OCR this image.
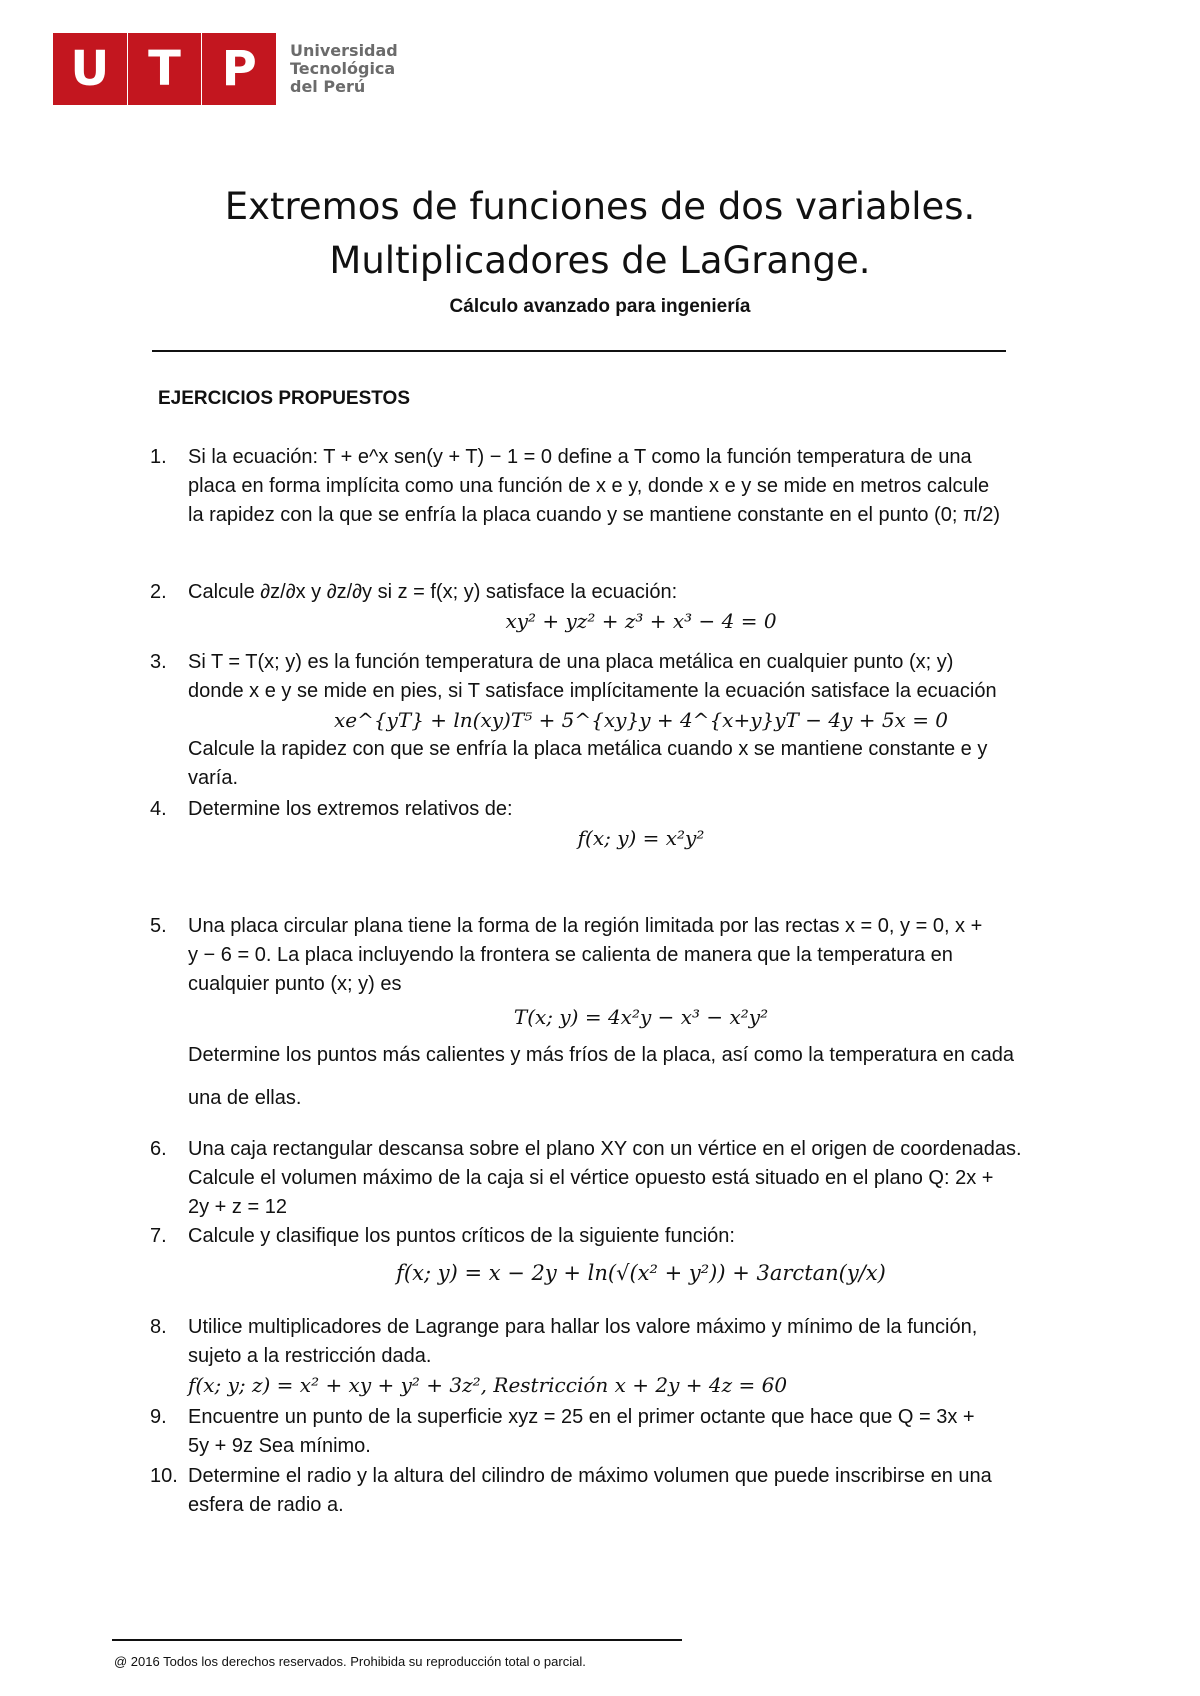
U T P	Universidad
Tecnológica
del Perú
Extremos de funciones de dos variables.
Multiplicadores de LaGrange.
Cálculo avanzado para ingeniería
EJERCICIOS PROPUESTOS
1. Si la ecuación: T + e^x sen(y + T) − 1 = 0 define a T como la función temperatura de una
placa en forma implícita como una función de x e y, donde x e y se mide en metros calcule
la rapidez con la que se enfría la placa cuando y se mantiene constante en el punto (0; π/2)
2. Calcule ∂z/∂x y ∂z/∂y si z = f(x; y) satisface la ecuación:
xy² + yz² + z³ + x³ − 4 = 0
3. Si T = T(x; y) es la función temperatura de una placa metálica en cualquier punto (x; y)
donde x e y se mide en pies, si T satisface implícitamente la ecuación satisface la ecuación
xe^{yT} + ln(xy)T⁵ + 5^{xy}y + 4^{x+y}yT − 4y + 5x = 0
Calcule la rapidez con que se enfría la placa metálica cuando x se mantiene constante e y
varía.
4. Determine los extremos relativos de:
f(x; y) = x²y²
5. Una placa circular plana tiene la forma de la región limitada por las rectas x = 0, y = 0, x +
y − 6 = 0. La placa incluyendo la frontera se calienta de manera que la temperatura en
cualquier punto (x; y) es
T(x; y) = 4x²y − x³ − x²y²
Determine los puntos más calientes y más fríos de la placa, así como la temperatura en cada
una de ellas.
6. Una caja rectangular descansa sobre el plano XY con un vértice en el origen de coordenadas.
Calcule el volumen máximo de la caja si el vértice opuesto está situado en el plano Q: 2x +
2y + z = 12
7. Calcule y clasifique los puntos críticos de la siguiente función:
f(x; y) = x − 2y + ln(√(x² + y²)) + 3arctan(y/x)
8. Utilice multiplicadores de Lagrange para hallar los valore máximo y mínimo de la función,
sujeto a la restricción dada.
f(x; y; z) = x² + xy + y² + 3z², Restricción x + 2y + 4z = 60
9. Encuentre un punto de la superficie xyz = 25 en el primer octante que hace que Q = 3x +
5y + 9z Sea mínimo.
10. Determine el radio y la altura del cilindro de máximo volumen que puede inscribirse en una
esfera de radio a.
@ 2016 Todos los derechos reservados. Prohibida su reproducción total o parcial.
